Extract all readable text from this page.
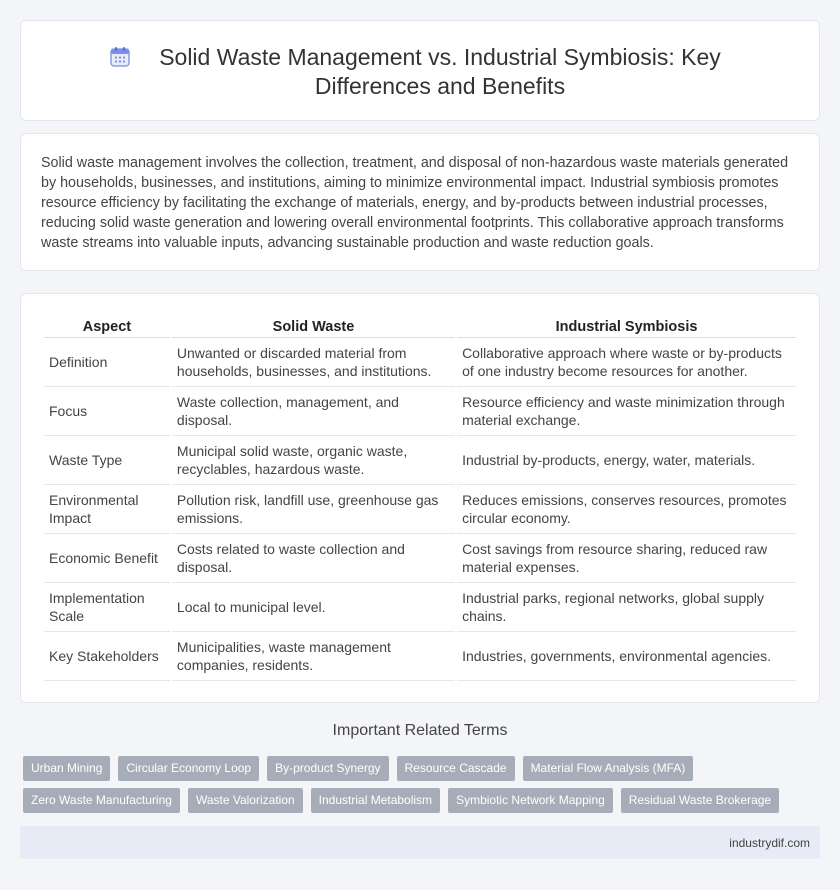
Solid Waste Management vs. Industrial Symbiosis: Key Differences and Benefits

Solid waste management involves the collection, treatment, and disposal of non-hazardous waste materials generated by households, businesses, and institutions, aiming to minimize environmental impact. Industrial symbiosis promotes resource efficiency by facilitating the exchange of materials, energy, and by-products between industrial processes, reducing solid waste generation and lowering overall environmental footprints. This collaborative approach transforms waste streams into valuable inputs, advancing sustainable production and waste reduction goals.

Aspect	Solid Waste	Industrial Symbiosis
Definition	Unwanted or discarded material from households, businesses, and institutions.	Collaborative approach where waste or by-products of one industry become resources for another.
Focus	Waste collection, management, and disposal.	Resource efficiency and waste minimization through material exchange.
Waste Type	Municipal solid waste, organic waste, recyclables, hazardous waste.	Industrial by-products, energy, water, materials.
Environmental Impact	Pollution risk, landfill use, greenhouse gas emissions.	Reduces emissions, conserves resources, promotes circular economy.
Economic Benefit	Costs related to waste collection and disposal.	Cost savings from resource sharing, reduced raw material expenses.
Implementation Scale	Local to municipal level.	Industrial parks, regional networks, global supply chains.
Key Stakeholders	Municipalities, waste management companies, residents.	Industries, governments, environmental agencies.
Important Related Terms
Urban Mining	Circular Economy Loop	By-product Synergy	Resource Cascade	Material Flow Analysis (MFA)
Zero Waste Manufacturing	Waste Valorization	Industrial Metabolism	Symbiotic Network Mapping	Residual Waste Brokerage
industrydif.com
